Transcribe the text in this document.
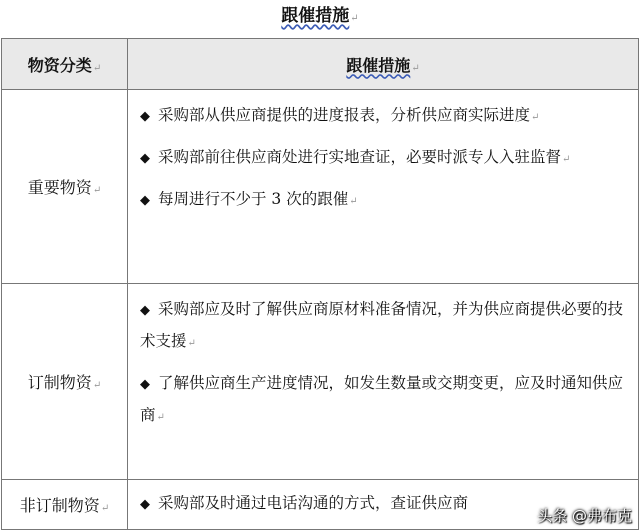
跟催措施↵
物资分类↵	跟催措施↵
重要物资↵	◆ 采购部从供应商提供的进度报表，分析供应商实际进度↵
◆ 采购部前往供应商处进行实地查证，必要时派专人入驻监督↵
◆ 每周进行不少于 3 次的跟催↵

订制物资↵	◆ 采购部应及时了解供应商原材料准备情况，并为供应商提供必要的技术支援↵
◆ 了解供应商生产进度情况，如发生数量或交期变更，应及时通知供应商↵

非订制物资↵	◆ 采购部及时通过电话沟通的方式，查证供应商
头条 @弗布克
